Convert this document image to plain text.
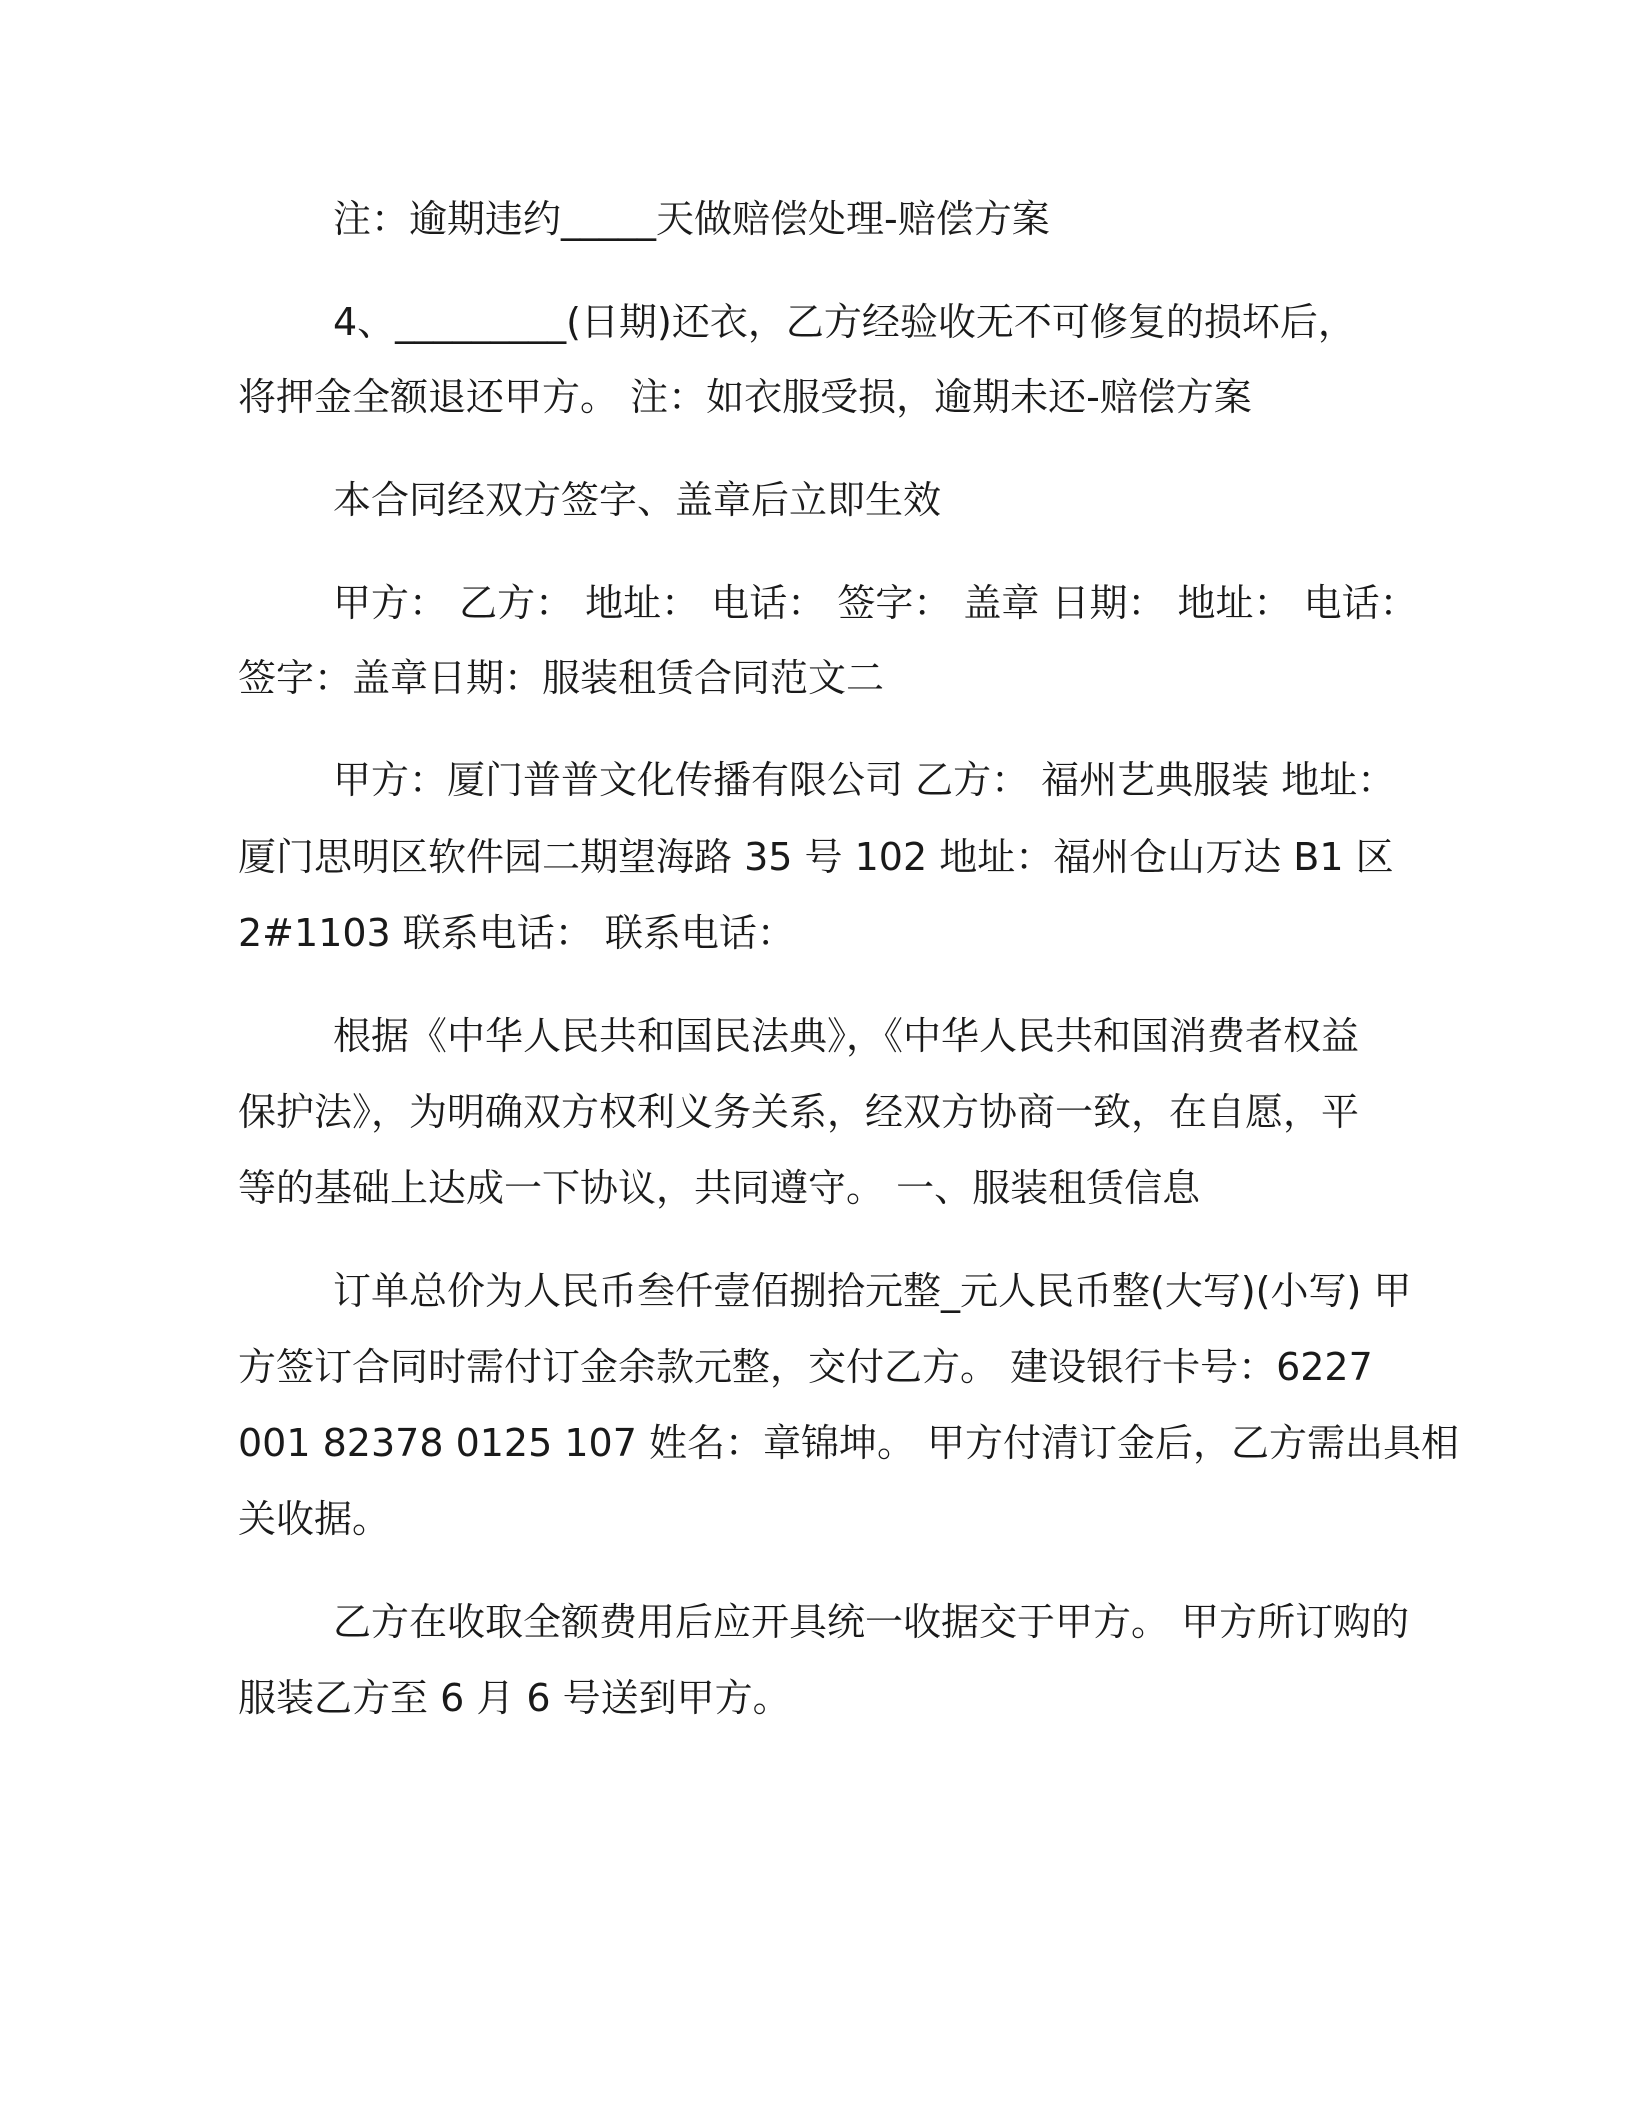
注：逾期违约_____天做赔偿处理-赔偿方案

4、_________(日期)还衣，乙方经验收无不可修复的损坏后，

将押金全额退还甲方。 注：如衣服受损，逾期未还-赔偿方案

本合同经双方签字、盖章后立即生效

甲方： 乙方： 地址： 电话： 签字： 盖章 日期： 地址： 电话：

签字：盖章日期：服装租赁合同范文二

甲方：厦门普普文化传播有限公司 乙方： 福州艺典服装 地址：

厦门思明区软件园二期望海路 35 号 102 地址：福州仓山万达 B1 区

2#1103 联系电话： 联系电话：

根据《中华人民共和国民法典》，《中华人民共和国消费者权益

保护法》，为明确双方权利义务关系，经双方协商一致，在自愿，平

等的基础上达成一下协议，共同遵守。 一、服装租赁信息

订单总价为人民币叁仟壹佰捌拾元整_元人民币整(大写)(小写) 甲

方签订合同时需付订金余款元整，交付乙方。 建设银行卡号：6227

001 82378 0125 107 姓名：章锦坤。 甲方付清订金后，乙方需出具相

关收据。

乙方在收取全额费用后应开具统一收据交于甲方。 甲方所订购的

服装乙方至 6 月 6 号送到甲方。
